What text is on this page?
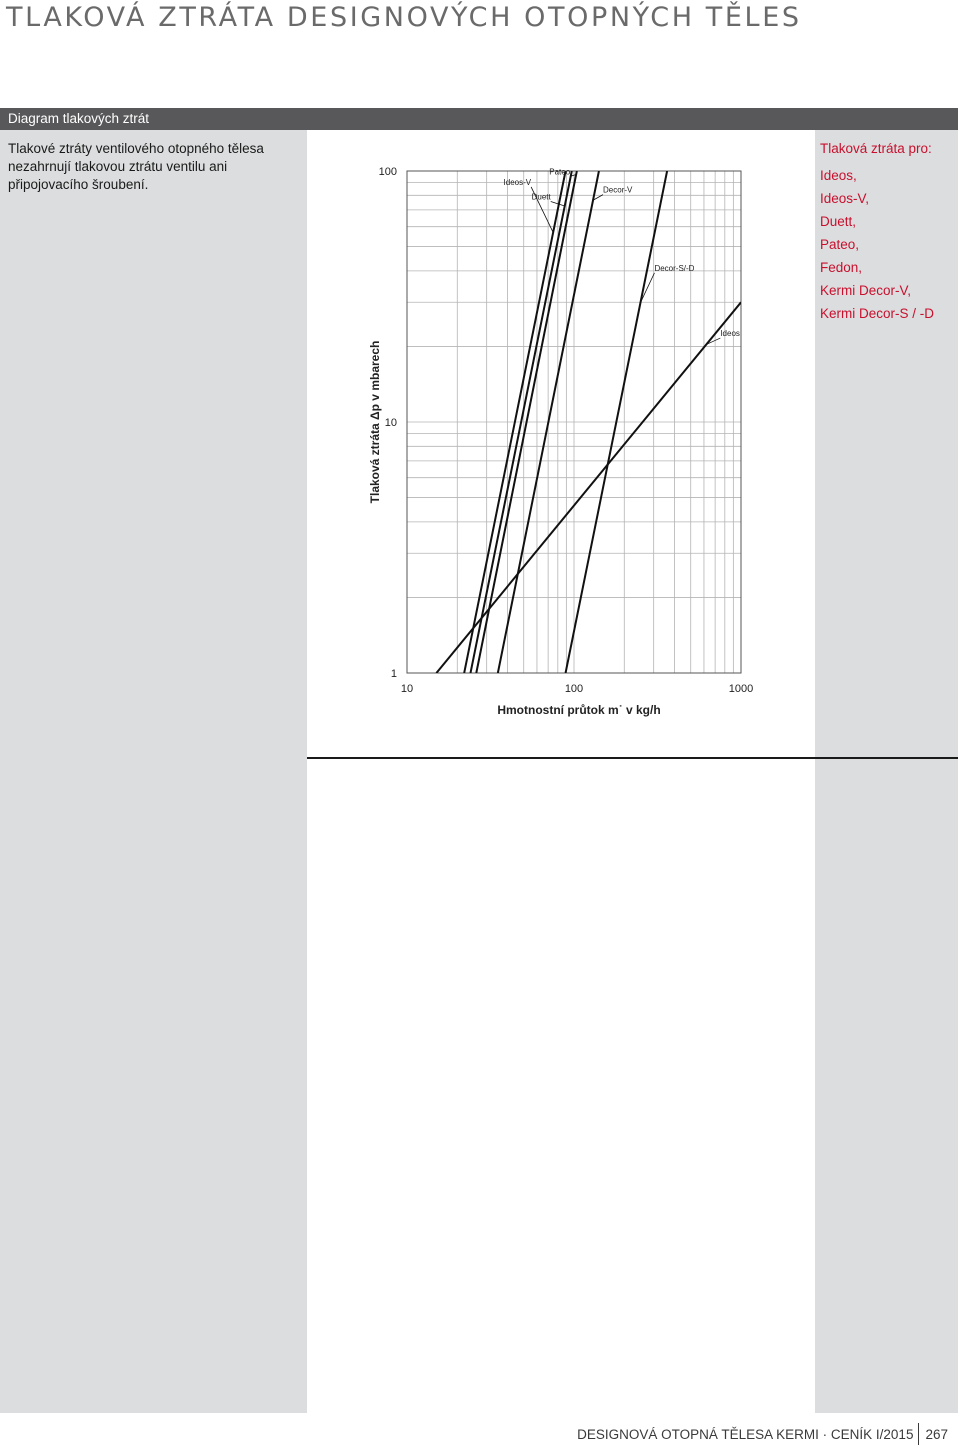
TLAKOVÁ ZTRÁTA DESIGNOVÝCH OTOPNÝCH TĚLES
Diagram tlakových ztrát

Tlakové ztráty ventilového otopného tělesa nezahrnují tlakovou ztrátu ventilu ani připojovacího šroubení.

Tlaková ztráta pro:

Ideos,
Ideos-V,
Duett,
Pateo,
Fedon,
Kermi Decor-V,
Kermi Decor-S / -D
Ideos-V
Duett
Pateo
Decor-V
Decor-S/-D
Ideos
1
10
100
10	100	1000
Hmotnostní průtok m˙ v kg/h
Tlaková ztráta Δp v mbarech
DESIGNOVÁ OTOPNÁ TĚLESA KERMI · CENÍK I/2015 267
